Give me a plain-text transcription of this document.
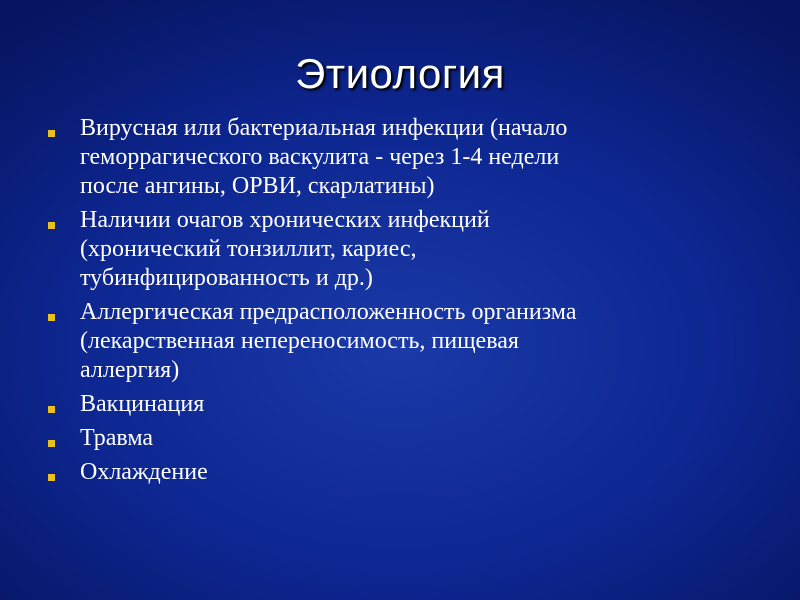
Этиология
Вирусная или бактериальная инфекции (начало
геморрагического васкулита - через 1-4 недели
после ангины, ОРВИ, скарлатины)
Наличии очагов хронических инфекций
(хронический тонзиллит, кариес,
тубинфицированность и др.)
Аллергическая предрасположенность организма
(лекарственная непереносимость, пищевая
аллергия)
Вакцинация
Травма
Охлаждение
